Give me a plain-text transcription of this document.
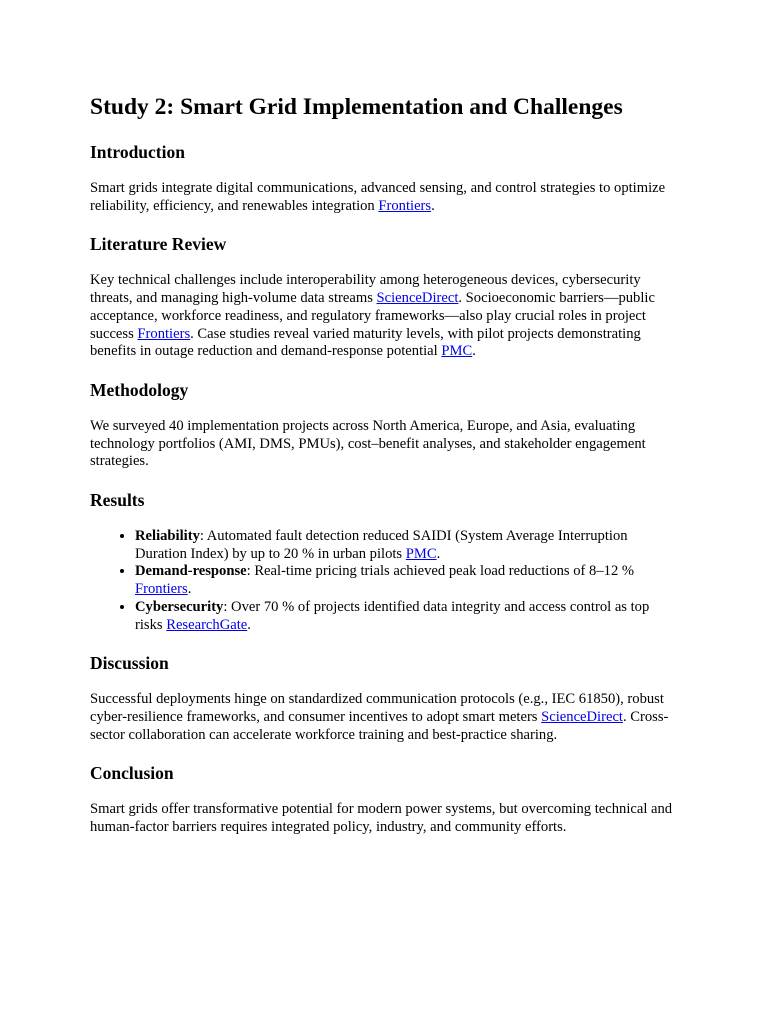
Study 2: Smart Grid Implementation and Challenges
Introduction

Smart grids integrate digital communications, advanced sensing, and control strategies to optimize reliability, efficiency, and renewables integration Frontiers.

Literature Review

Key technical challenges include interoperability among heterogeneous devices, cybersecurity threats, and managing high-volume data streams ScienceDirect. Socioeconomic barriers—public acceptance, workforce readiness, and regulatory frameworks—also play crucial roles in project success Frontiers. Case studies reveal varied maturity levels, with pilot projects demonstrating benefits in outage reduction and demand-response potential PMC.

Methodology

We surveyed 40 implementation projects across North America, Europe, and Asia, evaluating technology portfolios (AMI, DMS, PMUs), cost–benefit analyses, and stakeholder engagement strategies.

Results
• Reliability: Automated fault detection reduced SAIDI (System Average Interruption Duration Index) by up to 20 % in urban pilots PMC.
• Demand-response: Real-time pricing trials achieved peak load reductions of 8–12 % Frontiers.
• Cybersecurity: Over 70 % of projects identified data integrity and access control as top risks ResearchGate.
Discussion

Successful deployments hinge on standardized communication protocols (e.g., IEC 61850), robust cyber-resilience frameworks, and consumer incentives to adopt smart meters ScienceDirect. Cross-sector collaboration can accelerate workforce training and best-practice sharing.

Conclusion

Smart grids offer transformative potential for modern power systems, but overcoming technical and human-factor barriers requires integrated policy, industry, and community efforts.
